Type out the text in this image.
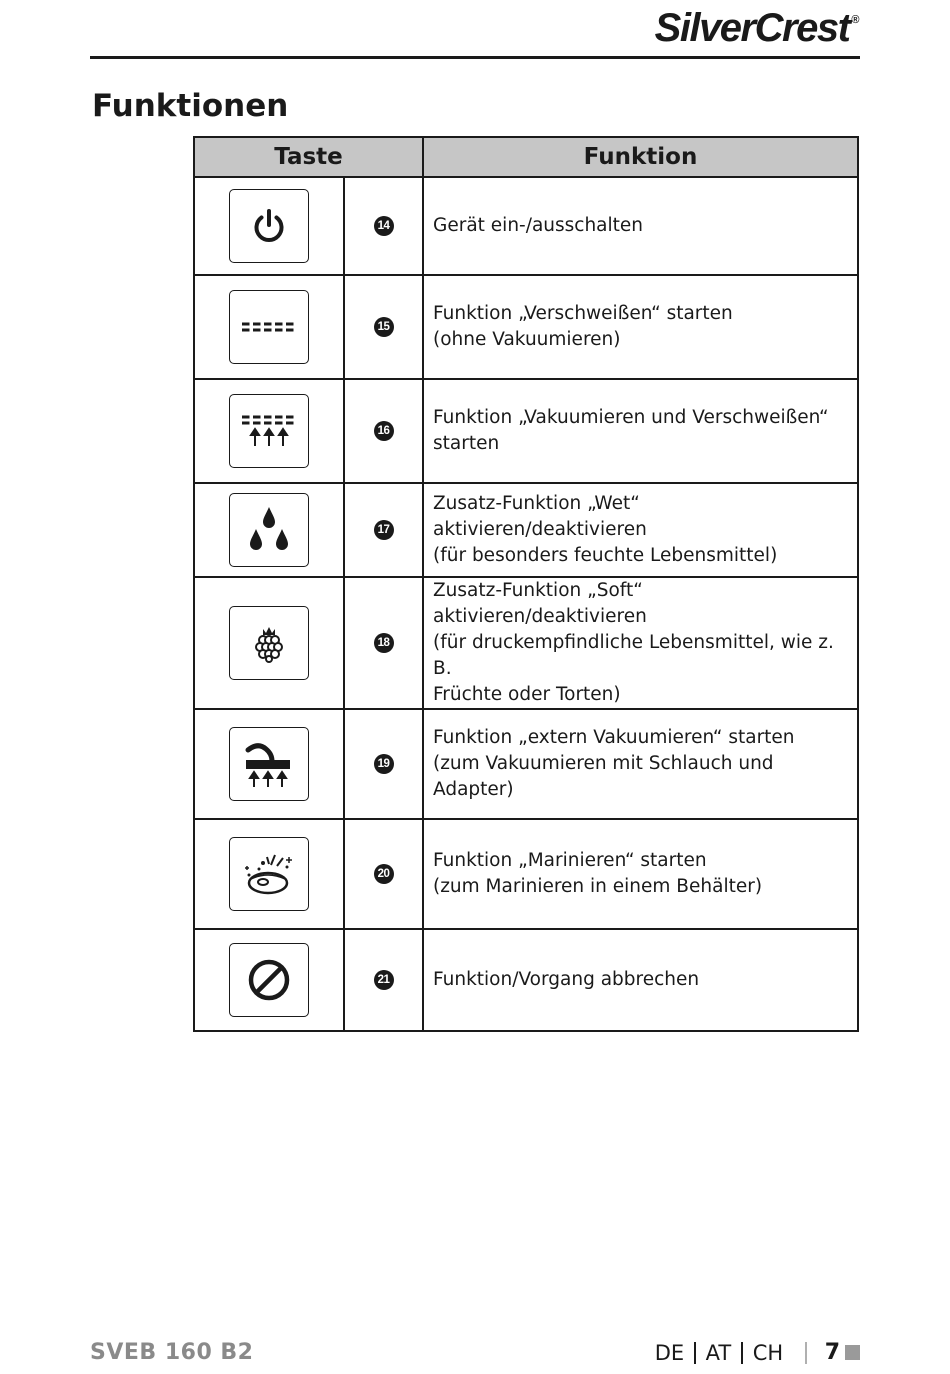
SilverCrest ®
Funktionen
Taste		Funktion

	14	Gerät ein-/ausschalten

	15	Funktion „Verschweißen“ starten
(ohne Vakuumieren)

	16	Funktion „Vakuumieren und Verschweißen“ starten

	17	Zusatz-Funktion „Wet“ aktivieren/deaktivieren
(für besonders feuchte Lebensmittel)

	18	Zusatz-Funktion „Soft“ aktivieren/deaktivieren
(für druckempfindliche Lebensmittel, wie z. B.
Früchte oder Torten)

	19	Funktion „extern Vakuumieren“ starten
(zum Vakuumieren mit Schlauch und Adapter)

	20	Funktion „Marinieren“ starten
(zum Marinieren in einem Behälter)

	21	Funktion/Vorgang abbrechen
SVEB 160 B2	DE AT CH 7
